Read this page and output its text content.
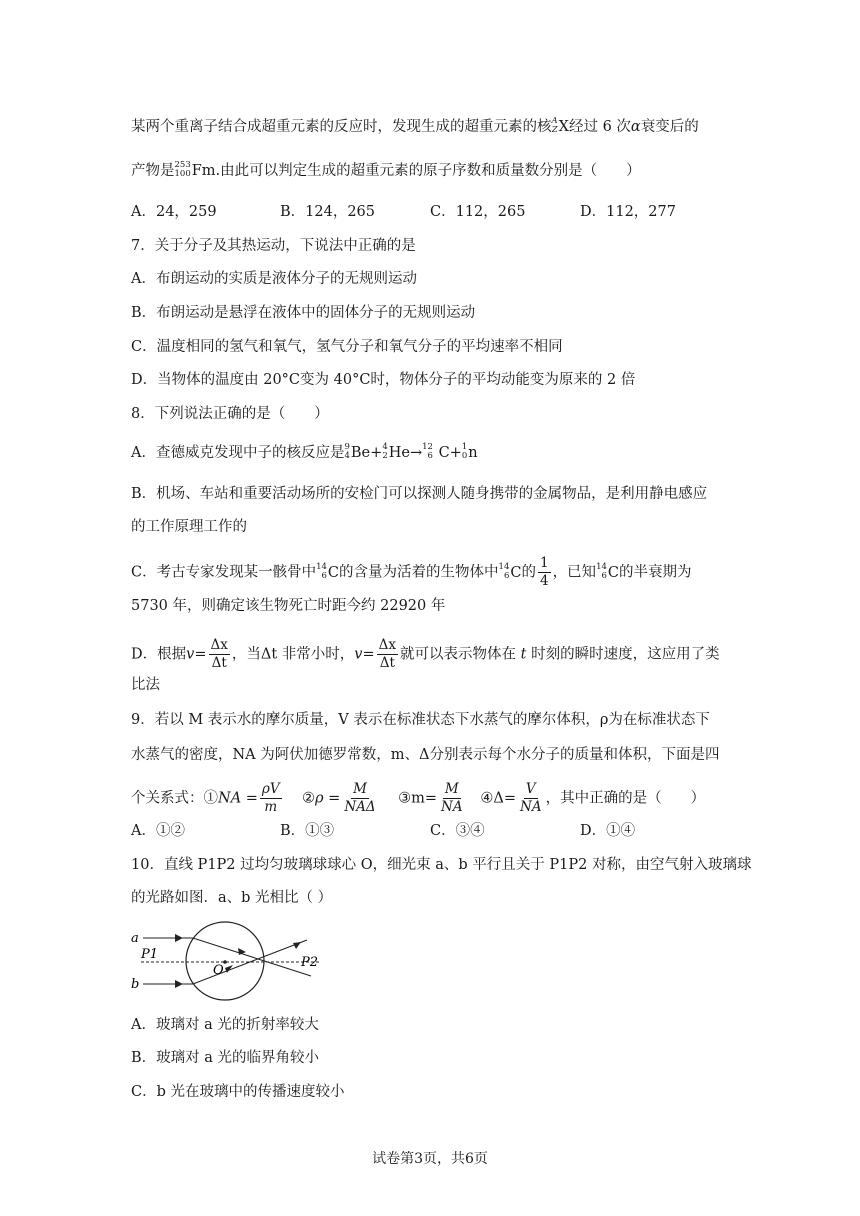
某两个重离子结合成超重元素的反应时，发现生成的超重元素的核 A
Z X经过 6 次α衰变后的
产物是 253
100 Fm.由此可以判定生成的超重元素的原子序数和质量数分别是（　　）
A．24，259	B．124，265	C．112，265	D．112，277
7．关于分子及其热运动，下说法中正确的是
A．布朗运动的实质是液体分子的无规则运动
B．布朗运动是悬浮在液体中的固体分子的无规则运动
C．温度相同的氢气和氧气，氢气分子和氧气分子的平均速率不相同
D．当物体的温度由 20°C变为 40°C时，物体分子的平均动能变为原来的 2 倍
8．下列说法正确的是（　　）
A．查德威克发现中子的核反应是 9
4 Be+ 4
2 He→ 12
6 C+ 1
0 n
B．机场、车站和重要活动场所的安检门可以探测人随身携带的金属物品，是利用静电感应
的工作原理工作的
C．考古专家发现某一骸骨中 14
6 C的含量为活着的生物体中 14
6 C的 $\frac{1}{4}$ ，已知 14
6 C的半衰期为
5730 年，则确定该生物死亡时距今约 22920 年
D．根据$v= \frac{\Delta x}{\Delta t}$ ，当Δt 非常小时，$v= \frac{\Delta x}{\Delta t}$ 就可以表示物体在 t 时刻的瞬时速度，这应用了类
比法
9．若以 M 表示水的摩尔质量，V 表示在标准状态下水蒸气的摩尔体积，ρ为在标准状态下
水蒸气的密度，NA 为阿伏加德罗常数，m、Δ分别表示每个水分子的质量和体积，下面是四
个关系式：①NA = $\frac{\rho V}{m}$ ②ρ = $\frac{M}{\text{NAΔ}}$ ③m= $\frac{M}{NA}$ ④Δ= $\frac{V}{NA}$ ，其中正确的是（　　）
A．①②	B．①③	C．③④	D．①④
10．直线 P1P2 过均匀玻璃球球心 O，细光束 a、b 平行且关于 P1P2 对称，由空气射入玻璃球
的光路如图．a、b 光相比（ ）
a
b
P1
P2
O
A．玻璃对 a 光的折射率较大
B．玻璃对 a 光的临界角较小
C．b 光在玻璃中的传播速度较小
试卷第3页，共6页
